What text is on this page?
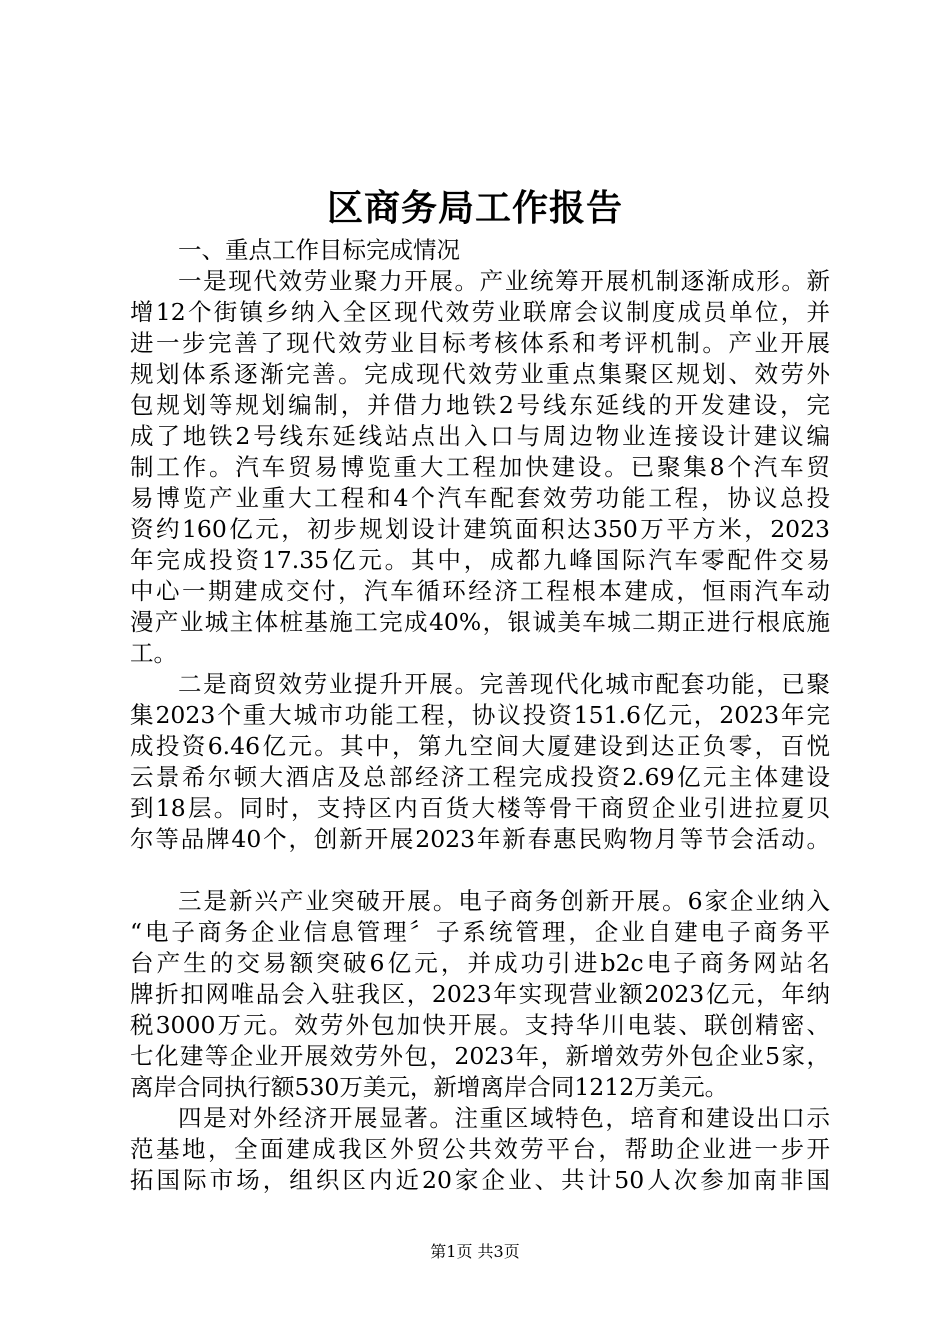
区商务局工作报告
一、重点工作目标完成情况
一是现代效劳业聚力开展。产业统筹开展机制逐渐成形。新
增12个街镇乡纳入全区现代效劳业联席会议制度成员单位，并
进一步完善了现代效劳业目标考核体系和考评机制。产业开展
规划体系逐渐完善。完成现代效劳业重点集聚区规划、效劳外
包规划等规划编制，并借力地铁2号线东延线的开发建设，完
成了地铁2号线东延线站点出入口与周边物业连接设计建议编
制工作。汽车贸易博览重大工程加快建设。已聚集8个汽车贸
易博览产业重大工程和4个汽车配套效劳功能工程，协议总投
资约160亿元，初步规划设计建筑面积达350万平方米，2023
年完成投资17.35亿元。其中，成都九峰国际汽车零配件交易
中心一期建成交付，汽车循环经济工程根本建成，恒雨汽车动
漫产业城主体桩基施工完成40%，银诚美车城二期正进行根底施
工。
二是商贸效劳业提升开展。完善现代化城市配套功能，已聚
集2023个重大城市功能工程，协议投资151.6亿元，2023年完
成投资6.46亿元。其中，第九空间大厦建设到达正负零，百悦
云景希尔顿大酒店及总部经济工程完成投资2.69亿元主体建设
到18层。同时，支持区内百货大楼等骨干商贸企业引进拉夏贝
尔等品牌40个，创新开展2023年新春惠民购物月等节会活动。
三是新兴产业突破开展。电子商务创新开展。6家企业纳入
“电子商务企业信息管理〞子系统管理，企业自建电子商务平
台产生的交易额突破6亿元，并成功引进b2c电子商务网站名
牌折扣网唯品会入驻我区，2023年实现营业额2023亿元，年纳
税3000万元。效劳外包加快开展。支持华川电装、联创精密、
七化建等企业开展效劳外包，2023年，新增效劳外包企业5家，
离岸合同执行额530万美元，新增离岸合同1212万美元。
四是对外经济开展显著。注重区域特色，培育和建设出口示
范基地，全面建成我区外贸公共效劳平台，帮助企业进一步开
拓国际市场，组织区内近20家企业、共计50人次参加南非国
第1页 共3页
